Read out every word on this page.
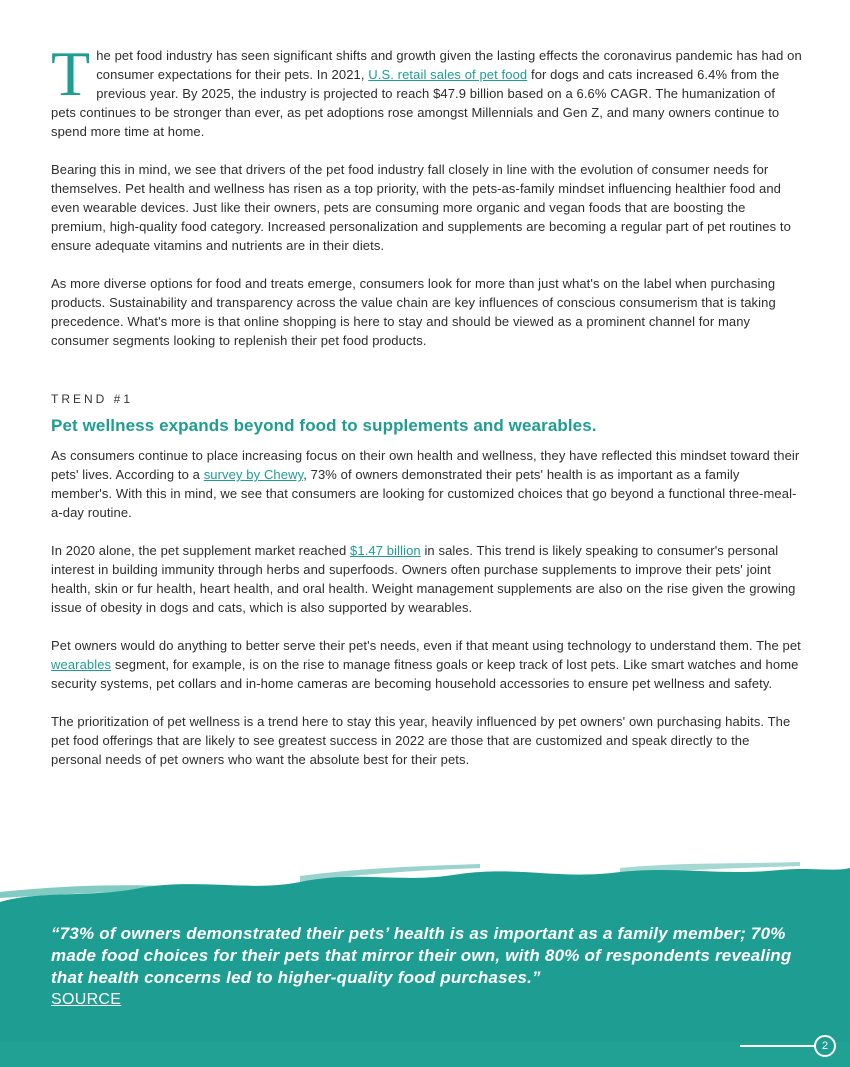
The pet food industry has seen significant shifts and growth given the lasting effects the coronavirus pandemic has had on consumer expectations for their pets. In 2021, U.S. retail sales of pet food for dogs and cats increased 6.4% from the previous year. By 2025, the industry is projected to reach $47.9 billion based on a 6.6% CAGR. The humanization of pets continues to be stronger than ever, as pet adoptions rose amongst Millennials and Gen Z, and many owners continue to spend more time at home.

Bearing this in mind, we see that drivers of the pet food industry fall closely in line with the evolution of consumer needs for themselves. Pet health and wellness has risen as a top priority, with the pets-as-family mindset influencing healthier food and even wearable devices. Just like their owners, pets are consuming more organic and vegan foods that are boosting the premium, high-quality food category. Increased personalization and supplements are becoming a regular part of pet routines to ensure adequate vitamins and nutrients are in their diets.

As more diverse options for food and treats emerge, consumers look for more than just what's on the label when purchasing products. Sustainability and transparency across the value chain are key influences of conscious consumerism that is taking precedence. What's more is that online shopping is here to stay and should be viewed as a prominent channel for many consumer segments looking to replenish their pet food products.

TREND #1
Pet wellness expands beyond food to supplements and wearables.

As consumers continue to place increasing focus on their own health and wellness, they have reflected this mindset toward their pets' lives. According to a survey by Chewy, 73% of owners demonstrated their pets' health is as important as a family member's. With this in mind, we see that consumers are looking for customized choices that go beyond a functional three-meal-a-day routine.

In 2020 alone, the pet supplement market reached $1.47 billion in sales. This trend is likely speaking to consumer's personal interest in building immunity through herbs and superfoods. Owners often purchase supplements to improve their pets' joint health, skin or fur health, heart health, and oral health. Weight management supplements are also on the rise given the growing issue of obesity in dogs and cats, which is also supported by wearables.

Pet owners would do anything to better serve their pet's needs, even if that meant using technology to understand them. The pet wearables segment, for example, is on the rise to manage fitness goals or keep track of lost pets. Like smart watches and home security systems, pet collars and in-home cameras are becoming household accessories to ensure pet wellness and safety.

The prioritization of pet wellness is a trend here to stay this year, heavily influenced by pet owners' own purchasing habits. The pet food offerings that are likely to see greatest success in 2022 are those that are customized and speak directly to the personal needs of pet owners who want the absolute best for their pets.

“73% of owners demonstrated their pets’ health is as important as a family member; 70% made food choices for their pets that mirror their own, with 80% of respondents revealing that health concerns led to higher-quality food purchases.”
SOURCE
2
